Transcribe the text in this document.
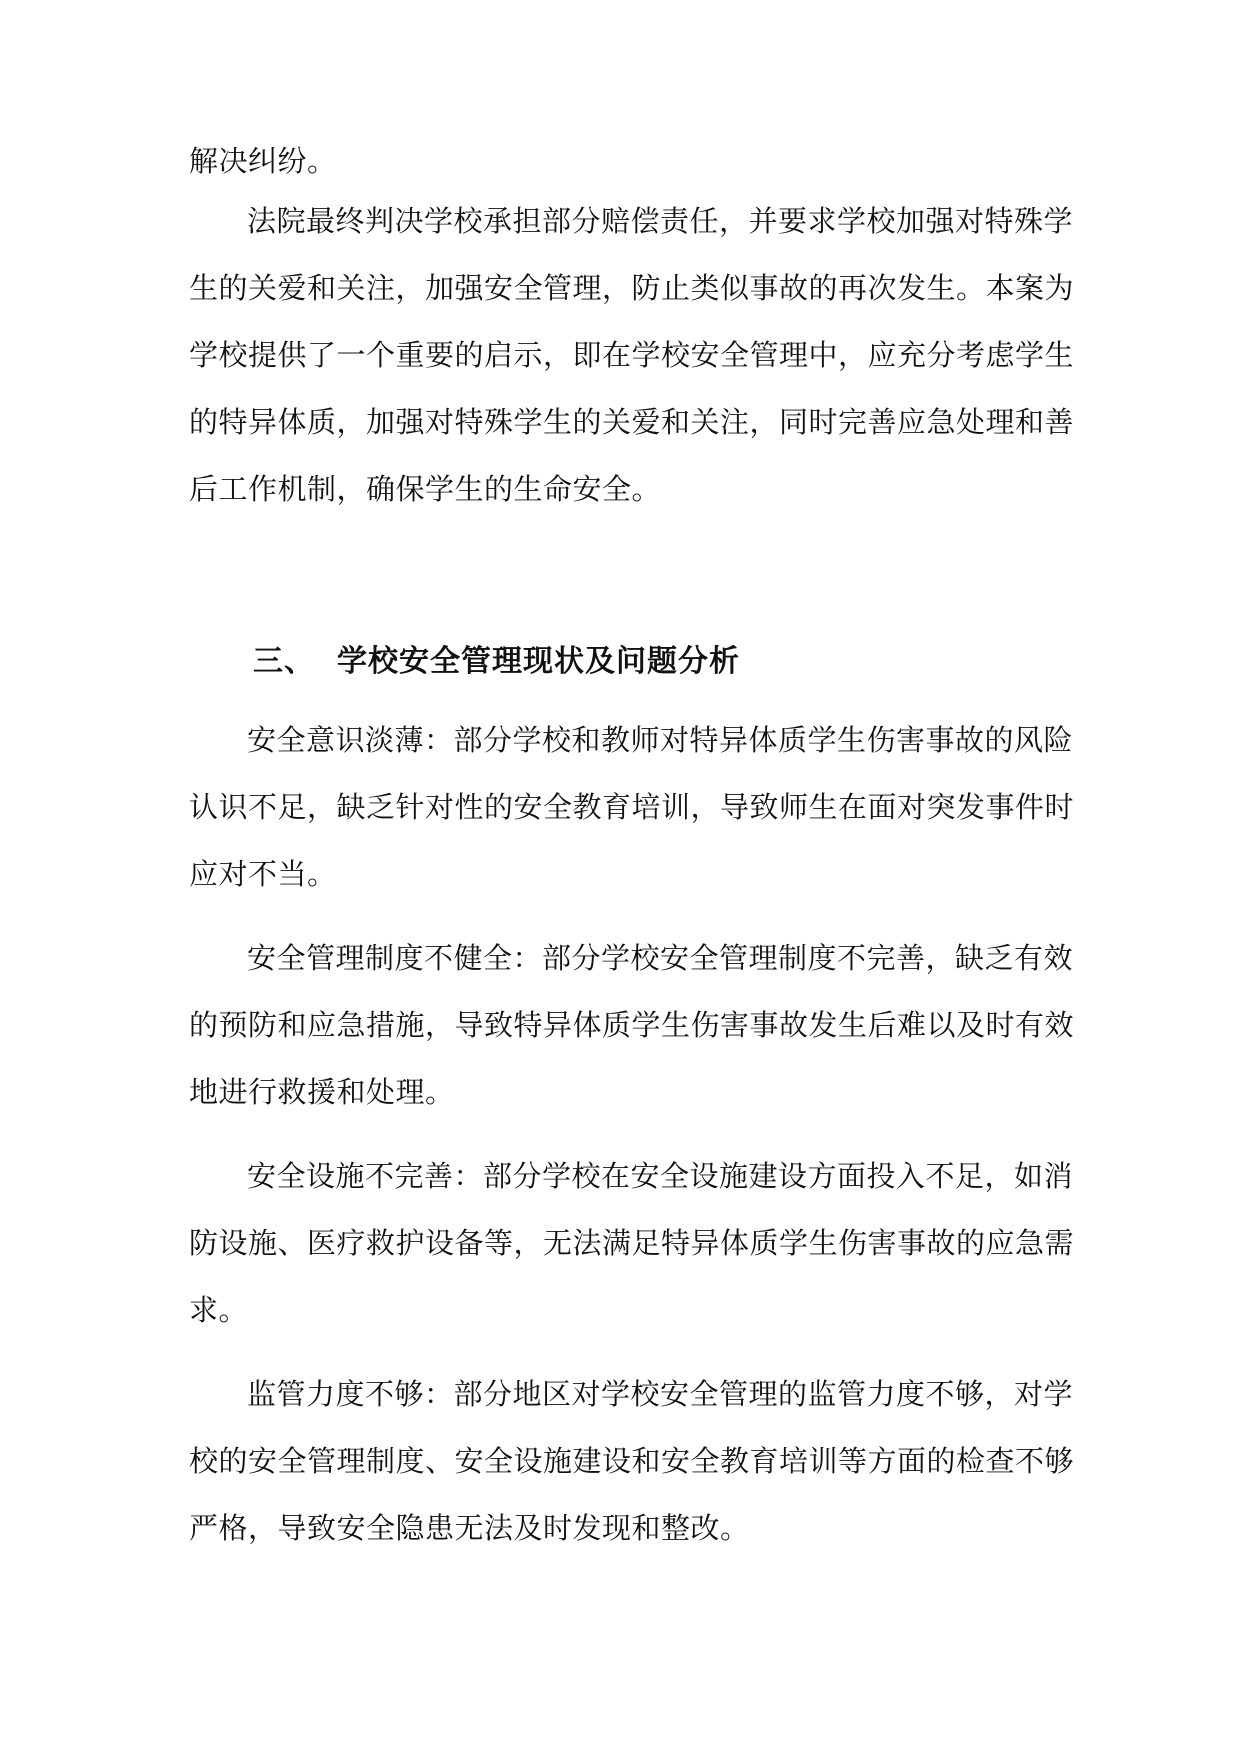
解决纠纷。
法院最终判决学校承担部分赔偿责任，并要求学校加强对特殊学
生的关爱和关注，加强安全管理，防止类似事故的再次发生。本案为
学校提供了一个重要的启示，即在学校安全管理中，应充分考虑学生
的特异体质，加强对特殊学生的关爱和关注，同时完善应急处理和善
后工作机制，确保学生的生命安全。
三、 学校安全管理现状及问题分析
安全意识淡薄：部分学校和教师对特异体质学生伤害事故的风险
认识不足，缺乏针对性的安全教育培训，导致师生在面对突发事件时
应对不当。
安全管理制度不健全：部分学校安全管理制度不完善，缺乏有效
的预防和应急措施，导致特异体质学生伤害事故发生后难以及时有效
地进行救援和处理。
安全设施不完善：部分学校在安全设施建设方面投入不足，如消
防设施、医疗救护设备等，无法满足特异体质学生伤害事故的应急需
求。
监管力度不够：部分地区对学校安全管理的监管力度不够，对学
校的安全管理制度、安全设施建设和安全教育培训等方面的检查不够
严格，导致安全隐患无法及时发现和整改。
